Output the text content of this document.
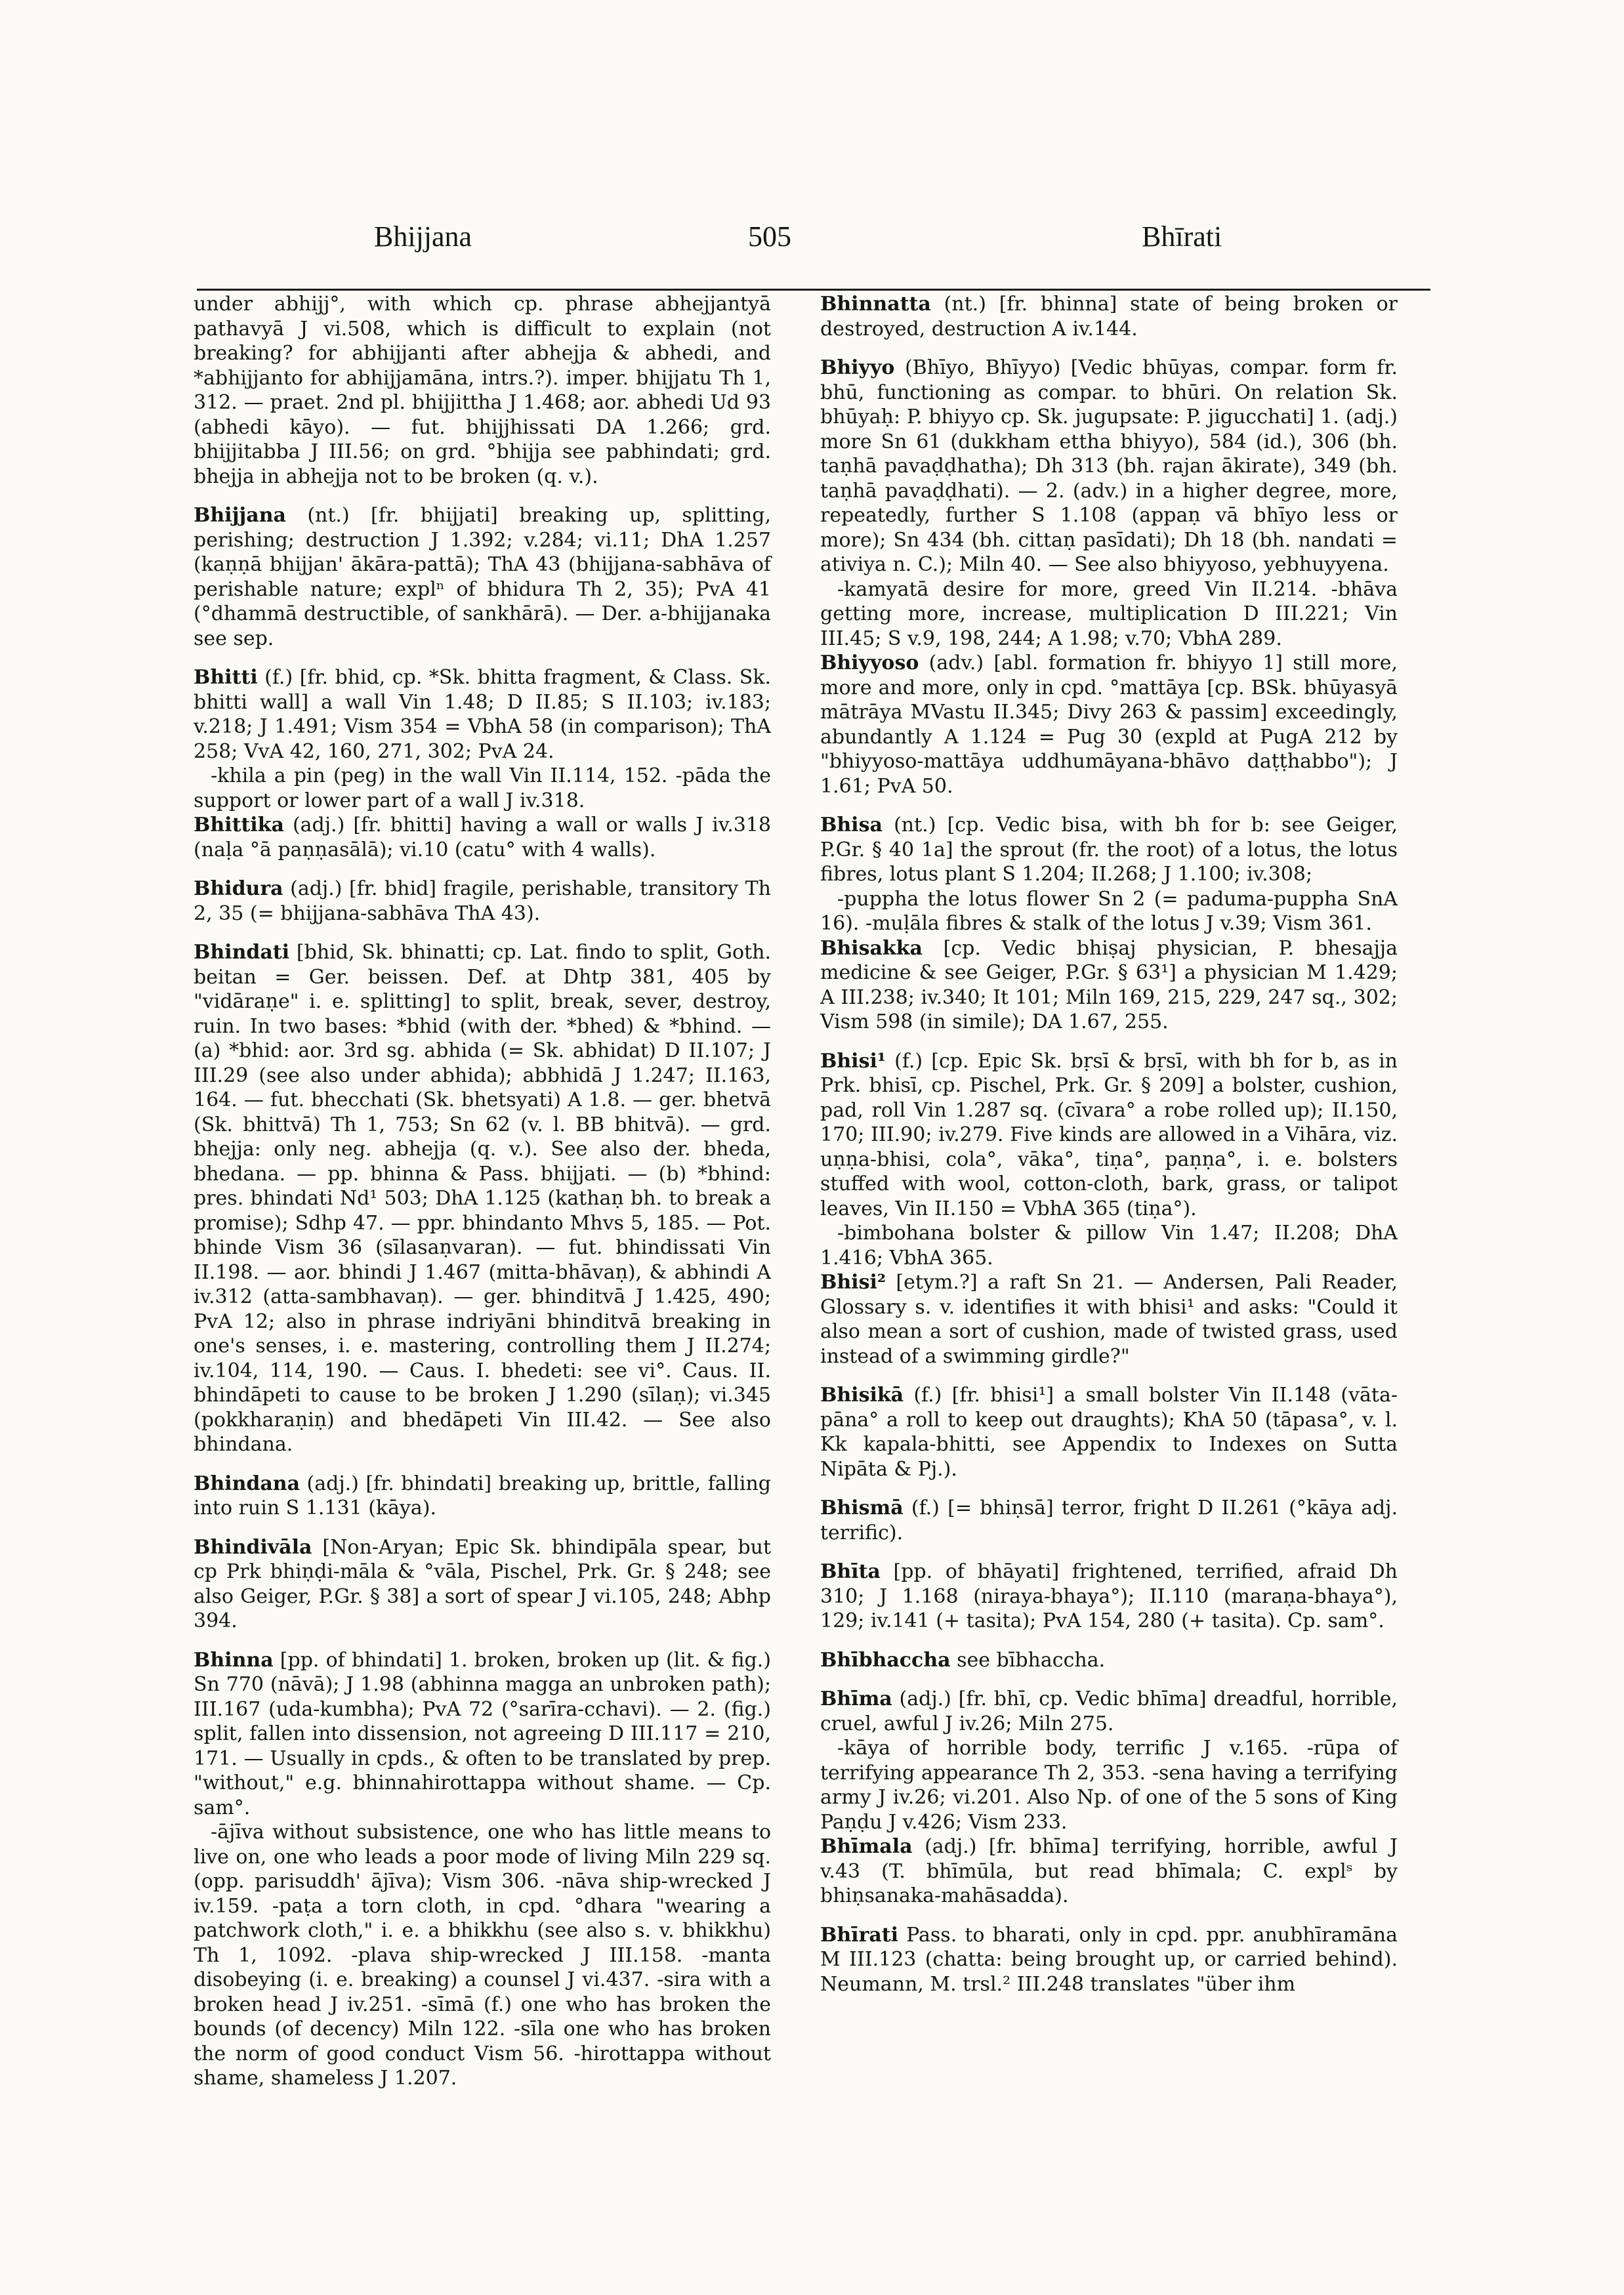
Bhijjana	505	Bhīrati

under abhijj°, with which cp. phrase abhejjantyā pathavyā J vi.508, which is difficult to explain (not breaking? for abhijjanti after abhejja & abhedi, and *abhijjanto for abhijjamāna, intrs.?). imper. bhijjatu Th 1, 312. — praet. 2nd pl. bhijjittha J 1.468; aor. abhedi Ud 93 (abhedi kāyo). — fut. bhijjhissati DA 1.266; grd. bhijjitabba J III.56; on grd. °bhijja see pabhindati; grd. bhejja in abhejja not to be broken (q. v.).

Bhijjana (nt.) [fr. bhijjati] breaking up, splitting, perishing; destruction J 1.392; v.284; vi.11; DhA 1.257 (kaṇṇā bhijjan' ākāra-pattā); ThA 43 (bhijjana-sabhāva of perishable nature; explⁿ of bhidura Th 2, 35); PvA 41 (°dhammā destructible, of sankhārā). — Der. a-bhijjanaka see sep.

Bhitti (f.) [fr. bhid, cp. *Sk. bhitta fragment, & Class. Sk. bhitti wall] a wall Vin 1.48; D II.85; S II.103; iv.183; v.218; J 1.491; Vism 354 = VbhA 58 (in comparison); ThA 258; VvA 42, 160, 271, 302; PvA 24.

-khila a pin (peg) in the wall Vin II.114, 152. -pāda the support or lower part of a wall J iv.318.

Bhittika (adj.) [fr. bhitti] having a wall or walls J iv.318 (naḷa °ā paṇṇasālā); vi.10 (catu° with 4 walls).

Bhidura (adj.) [fr. bhid] fragile, perishable, transitory Th 2, 35 (= bhijjana-sabhāva ThA 43).

Bhindati [bhid, Sk. bhinatti; cp. Lat. findo to split, Goth. beitan = Ger. beissen. Def. at Dhtp 381, 405 by "vidāraṇe" i. e. splitting] to split, break, sever, destroy, ruin. In two bases: *bhid (with der. *bhed) & *bhind. — (a) *bhid: aor. 3rd sg. abhida (= Sk. abhidat) D II.107; J III.29 (see also under abhida); abbhidā J 1.247; II.163, 164. — fut. bhecchati (Sk. bhetsyati) A 1.8. — ger. bhetvā (Sk. bhittvā) Th 1, 753; Sn 62 (v. l. BB bhitvā). — grd. bhejja: only neg. abhejja (q. v.). See also der. bheda, bhedana. — pp. bhinna & Pass. bhijjati. — (b) *bhind: pres. bhindati Nd¹ 503; DhA 1.125 (kathaṇ bh. to break a promise); Sdhp 47. — ppr. bhindanto Mhvs 5, 185. — Pot. bhinde Vism 36 (sīlasaṇvaran). — fut. bhindissati Vin II.198. — aor. bhindi J 1.467 (mitta-bhāvaṇ), & abhindi A iv.312 (atta-sambhavaṇ). — ger. bhinditvā J 1.425, 490; PvA 12; also in phrase indriyāni bhinditvā breaking in one's senses, i. e. mastering, controlling them J II.274; iv.104, 114, 190. — Caus. I. bhedeti: see vi°. Caus. II. bhindāpeti to cause to be broken J 1.290 (sīlaṇ); vi.345 (pokkharaṇiṇ) and bhedāpeti Vin III.42. — See also bhindana.

Bhindana (adj.) [fr. bhindati] breaking up, brittle, falling into ruin S 1.131 (kāya).

Bhindivāla [Non-Aryan; Epic Sk. bhindipāla spear, but cp Prk bhiṇḍi-māla & °vāla, Pischel, Prk. Gr. § 248; see also Geiger, P.Gr. § 38] a sort of spear J vi.105, 248; Abhp 394.

Bhinna [pp. of bhindati] 1. broken, broken up (lit. & fig.) Sn 770 (nāvā); J 1.98 (abhinna magga an unbroken path); III.167 (uda-kumbha); PvA 72 (°sarīra-cchavi). — 2. (fig.) split, fallen into dissension, not agreeing D III.117 = 210, 171. — Usually in cpds., & often to be translated by prep. "without," e.g. bhinnahirottappa without shame. — Cp. sam°.

-ājīva without subsistence, one who has little means to live on, one who leads a poor mode of living Miln 229 sq. (opp. parisuddh' ājīva); Vism 306. -nāva ship-wrecked J iv.159. -paṭa a torn cloth, in cpd. °dhara "wearing a patchwork cloth," i. e. a bhikkhu (see also s. v. bhikkhu) Th 1, 1092. -plava ship-wrecked J III.158. -manta disobeying (i. e. breaking) a counsel J vi.437. -sira with a broken head J iv.251. -sīmā (f.) one who has broken the bounds (of decency) Miln 122. -sīla one who has broken the norm of good conduct Vism 56. -hirottappa without shame, shameless J 1.207.

Bhinnatta (nt.) [fr. bhinna] state of being broken or destroyed, destruction A iv.144.

Bhiyyo (Bhīyo, Bhīyyo) [Vedic bhūyas, compar. form fr. bhū, functioning as compar. to bhūri. On relation Sk. bhūyaḥ: P. bhiyyo cp. Sk. jugupsate: P. jigucchati] 1. (adj.) more Sn 61 (dukkham ettha bhiyyo), 584 (id.), 306 (bh. taṇhā pavaḍḍhatha); Dh 313 (bh. rajan ākirate), 349 (bh. taṇhā pavaḍḍhati). — 2. (adv.) in a higher degree, more, repeatedly, further S 1.108 (appaṇ vā bhīyo less or more); Sn 434 (bh. cittaṇ pasīdati); Dh 18 (bh. nandati = ativiya n. C.); Miln 40. — See also bhiyyoso, yebhuyyena.

-kamyatā desire for more, greed Vin II.214. -bhāva getting more, increase, multiplication D III.221; Vin III.45; S v.9, 198, 244; A 1.98; v.70; VbhA 289.

Bhiyyoso (adv.) [abl. formation fr. bhiyyo 1] still more, more and more, only in cpd. °mattāya [cp. BSk. bhūyasyā mātrāya MVastu II.345; Divy 263 & passim] exceedingly, abundantly A 1.124 = Pug 30 (expld at PugA 212 by "bhiyyoso-mattāya uddhumāyana-bhāvo daṭṭhabbo"); J 1.61; PvA 50.

Bhisa (nt.) [cp. Vedic bisa, with bh for b: see Geiger, P.Gr. § 40 1a] the sprout (fr. the root) of a lotus, the lotus fibres, lotus plant S 1.204; II.268; J 1.100; iv.308;

-puppha the lotus flower Sn 2 (= paduma-puppha SnA 16). -muḷāla fibres & stalk of the lotus J v.39; Vism 361.

Bhisakka [cp. Vedic bhiṣaj physician, P. bhesajja medicine & see Geiger, P.Gr. § 63¹] a physician M 1.429; A III.238; iv.340; It 101; Miln 169, 215, 229, 247 sq., 302; Vism 598 (in simile); DA 1.67, 255.

Bhisi¹ (f.) [cp. Epic Sk. bṛsī & bṛsī, with bh for b, as in Prk. bhisī, cp. Pischel, Prk. Gr. § 209] a bolster, cushion, pad, roll Vin 1.287 sq. (cīvara° a robe rolled up); II.150, 170; III.90; iv.279. Five kinds are allowed in a Vihāra, viz. uṇṇa-bhisi, cola°, vāka°, tiṇa°, paṇṇa°, i. e. bolsters stuffed with wool, cotton-cloth, bark, grass, or talipot leaves, Vin II.150 = VbhA 365 (tiṇa°).

-bimbohana bolster & pillow Vin 1.47; II.208; DhA 1.416; VbhA 365.

Bhisi² [etym.?] a raft Sn 21. — Andersen, Pali Reader, Glossary s. v. identifies it with bhisi¹ and asks: "Could it also mean a sort of cushion, made of twisted grass, used instead of a swimming girdle?"

Bhisikā (f.) [fr. bhisi¹] a small bolster Vin II.148 (vāta-pāna° a roll to keep out draughts); KhA 50 (tāpasa°, v. l. Kk kapala-bhitti, see Appendix to Indexes on Sutta Nipāta & Pj.).

Bhismā (f.) [= bhiṇsā] terror, fright D II.261 (°kāya adj. terrific).

Bhīta [pp. of bhāyati] frightened, terrified, afraid Dh 310; J 1.168 (niraya-bhaya°); II.110 (maraṇa-bhaya°), 129; iv.141 (+ tasita); PvA 154, 280 (+ tasita). Cp. sam°.

Bhībhaccha see bībhaccha.

Bhīma (adj.) [fr. bhī, cp. Vedic bhīma] dreadful, horrible, cruel, awful J iv.26; Miln 275.

-kāya of horrible body, terrific J v.165. -rūpa of terrifying appearance Th 2, 353. -sena having a terrifying army J iv.26; vi.201. Also Np. of one of the 5 sons of King Paṇḍu J v.426; Vism 233.

Bhīmala (adj.) [fr. bhīma] terrifying, horrible, awful J v.43 (T. bhīmūla, but read bhīmala; C. explˢ by bhiṇsanaka-mahāsadda).

Bhīrati Pass. to bharati, only in cpd. ppr. anubhīramāna M III.123 (chatta: being brought up, or carried behind). Neumann, M. trsl.² III.248 translates "über ihm
